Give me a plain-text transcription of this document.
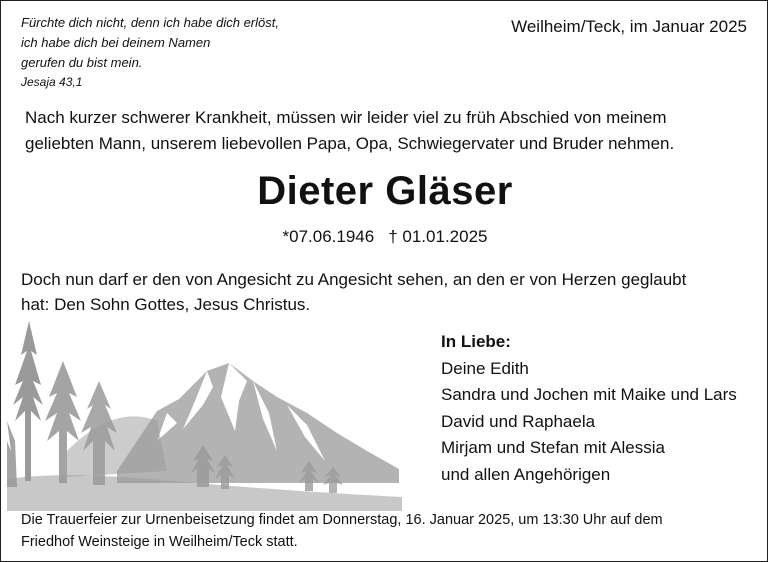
Fürchte dich nicht, denn ich habe dich erlöst,
ich habe dich bei deinem Namen
gerufen du bist mein.
Jesaja 43,1
Weilheim/Teck, im Januar 2025
Nach kurzer schwerer Krankheit, müssen wir leider viel zu früh Abschied von meinem
geliebten Mann, unserem liebevollen Papa, Opa, Schwiegervater und Bruder nehmen.
Dieter Gläser
*07.06.1946 † 01.01.2025
Doch nun darf er den von Angesicht zu Angesicht sehen, an den er von Herzen geglaubt
hat: Den Sohn Gottes, Jesus Christus.
In Liebe:
Deine Edith
Sandra und Jochen mit Maike und Lars
David und Raphaela
Mirjam und Stefan mit Alessia
und allen Angehörigen
Die Trauerfeier zur Urnenbeisetzung findet am Donnerstag, 16. Januar 2025, um 13:30 Uhr auf dem
Friedhof Weinsteige in Weilheim/Teck statt.
